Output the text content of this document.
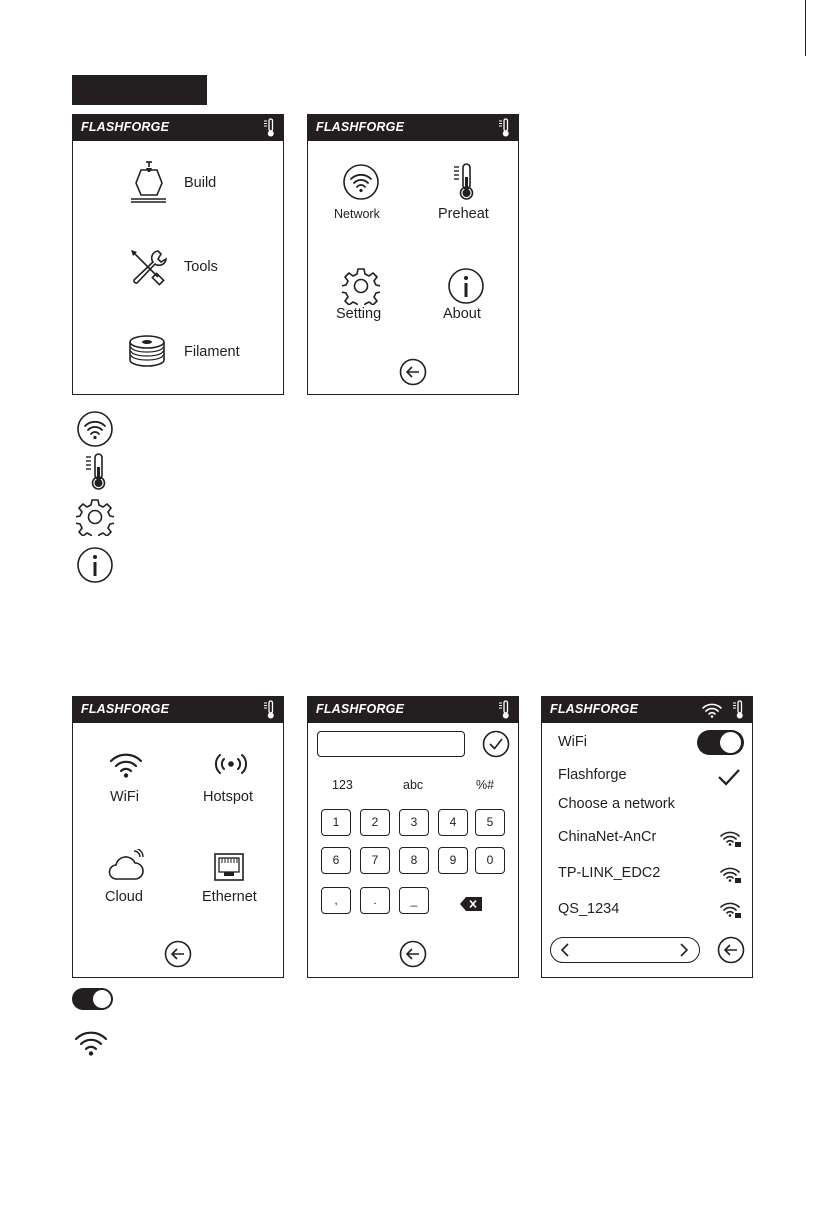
FLASHFORGE
Build
Tools
Filament
FLASHFORGE
Network	Preheat
Setting	About
FLASHFORGE
WiFi	Hotspot
Cloud	Ethernet
FLASHFORGE
123	abc	%#
1	2	3	4	5
6	7	8	9	0
,	.	_
FLASHFORGE
WiFi
Flashforge
Choose a network
ChinaNet-AnCr
TP-LINK_EDC2
QS_1234
